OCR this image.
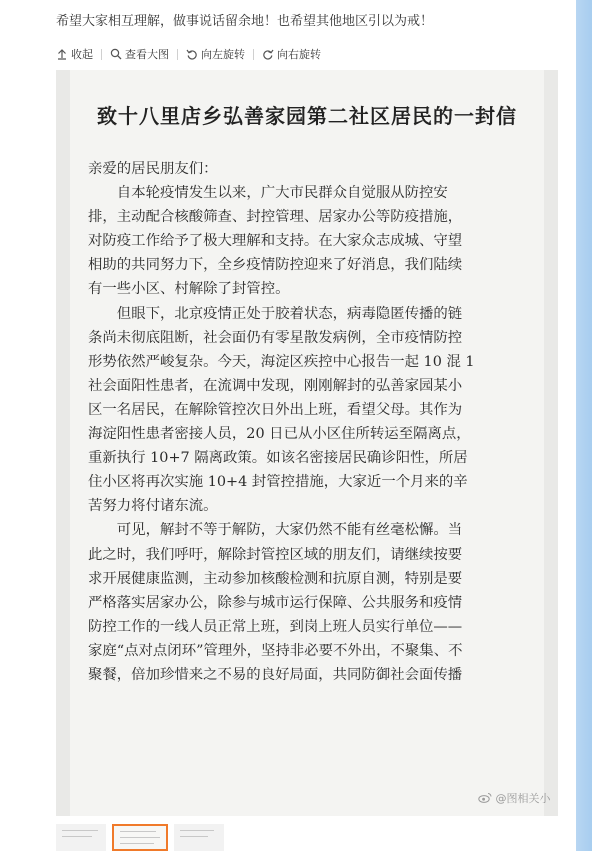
希望大家相互理解，做事说话留余地！也希望其他地区引以为戒！
收起	查看大图	向左旋转	向右旋转
致十八里店乡弘善家园第二社区居民的一封信
亲爱的居民朋友们：
自本轮疫情发生以来，广大市民群众自觉服从防控安
排，主动配合核酸筛查、封控管理、居家办公等防疫措施，
对防疫工作给予了极大理解和支持。在大家众志成城、守望
相助的共同努力下，全乡疫情防控迎来了好消息，我们陆续
有一些小区、村解除了封管控。
但眼下，北京疫情正处于胶着状态，病毒隐匿传播的链
条尚未彻底阻断，社会面仍有零星散发病例，全市疫情防控
形势依然严峻复杂。今天，海淀区疾控中心报告一起 10 混 1
社会面阳性患者，在流调中发现，刚刚解封的弘善家园某小
区一名居民，在解除管控次日外出上班，看望父母。其作为
海淀阳性患者密接人员，20 日已从小区住所转运至隔离点，
重新执行 10+7 隔离政策。如该名密接居民确诊阳性，所居
住小区将再次实施 10+4 封管控措施，大家近一个月来的辛
苦努力将付诸东流。
可见，解封不等于解防，大家仍然不能有丝毫松懈。当
此之时，我们呼吁，解除封管控区域的朋友们，请继续按要
求开展健康监测，主动参加核酸检测和抗原自测，特别是要
严格落实居家办公，除参与城市运行保障、公共服务和疫情
防控工作的一线人员正常上班，到岗上班人员实行单位——
家庭“点对点闭环”管理外，坚持非必要不外出，不聚集、不
聚餐，倍加珍惜来之不易的良好局面，共同防御社会面传播
@图相关小
